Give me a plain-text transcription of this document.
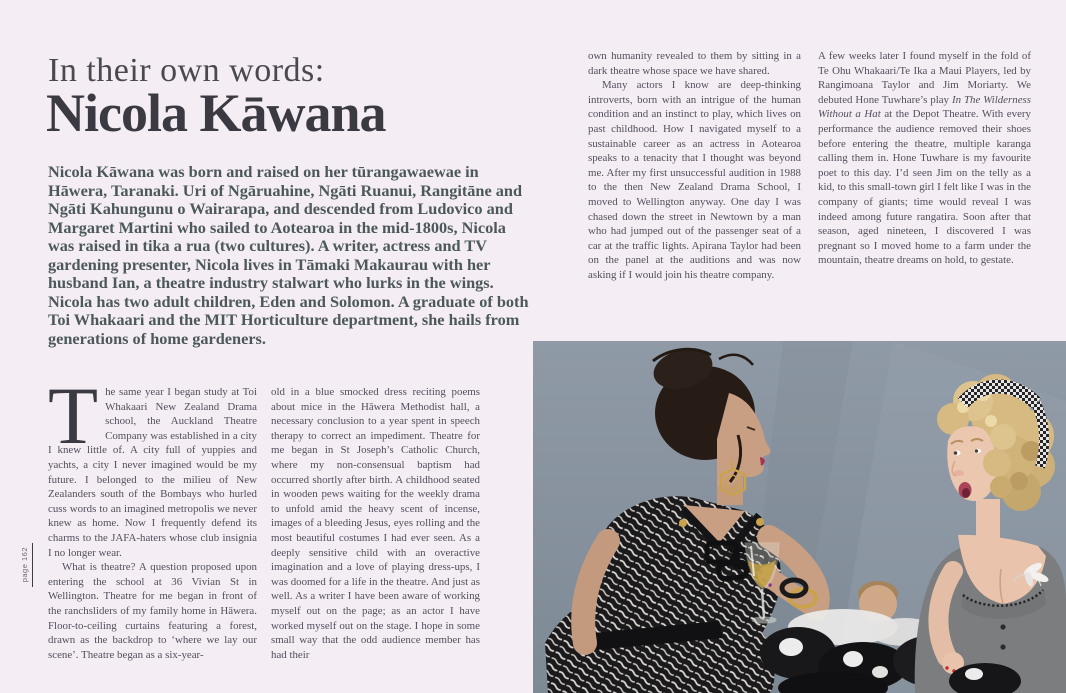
page 162
In their own words:
Nicola Kāwana

Nicola Kāwana was born and raised on her tūrangawaewae in Hāwera, Taranaki. Uri of Ngāruahine, Ngāti Ruanui, Rangitāne and Ngāti Kahungunu o Wairarapa, and descended from Ludovico and Margaret Martini who sailed to Aotearoa in the mid-1800s, Nicola was raised in tika a rua (two cultures). A writer, actress and TV gardening presenter, Nicola lives in Tāmaki Makaurau with her husband Ian, a theatre industry stalwart who lurks in the wings. Nicola has two adult children, Eden and Solomon. A graduate of both Toi Whakaari and the MIT Horticulture department, she hails from generations of home gardeners.

The same year I began study at Toi Whakaari New Zealand Drama school, the Auckland Theatre Company was established in a city I knew little of. A city full of yuppies and yachts, a city I never imagined would be my future. I belonged to the milieu of New Zealanders south of the Bombays who hurled cuss words to an imagined metropolis we never knew as home. Now I frequently defend its charms to the JAFA-haters whose club insignia I no longer wear.

What is theatre? A question proposed upon entering the school at 36 Vivian St in Wellington. Theatre for me began in front of the ranchsliders of my family home in Hāwera. Floor-to-ceiling curtains featuring a forest, drawn as the backdrop to ‘where we lay our scene’. Theatre began as a six-year-

old in a blue smocked dress reciting poems about mice in the Hāwera Methodist hall, a necessary conclusion to a year spent in speech therapy to correct an impediment. Theatre for me began in St Joseph’s Catholic Church, where my non-consensual baptism had occurred shortly after birth. A childhood seated in wooden pews waiting for the weekly drama to unfold amid the heavy scent of incense, images of a bleeding Jesus, eyes rolling and the most beautiful costumes I had ever seen. As a deeply sensitive child with an overactive imagination and a love of playing dress-ups, I was doomed for a life in the theatre. And just as well. As a writer I have been aware of working myself out on the page; as an actor I have worked myself out on the stage. I hope in some small way that the odd audience member has had their

own humanity revealed to them by sitting in a dark theatre whose space we have shared.

Many actors I know are deep-thinking introverts, born with an intrigue of the human condition and an instinct to play, which lives on past childhood. How I navigated myself to a sustainable career as an actress in Aotearoa speaks to a tenacity that I thought was beyond me. After my first unsuccessful audition in 1988 to the then New Zealand Drama School, I moved to Wellington anyway. One day I was chased down the street in Newtown by a man who had jumped out of the passenger seat of a car at the traffic lights. Apirana Taylor had been on the panel at the auditions and was now asking if I would join his theatre company.

A few weeks later I found myself in the fold of Te Ohu Whakaari/Te Ika a Maui Players, led by Rangimoana Taylor and Jim Moriarty. We debuted Hone Tuwhare’s play In The Wilderness Without a Hat at the Depot Theatre. With every performance the audience removed their shoes before entering the theatre, multiple karanga calling them in. Hone Tuwhare is my favourite poet to this day. I’d seen Jim on the telly as a kid, to this small-town girl I felt like I was in the company of giants; time would reveal I was indeed among future rangatira. Soon after that season, aged nineteen, I discovered I was pregnant so I moved home to a farm under the mountain, theatre dreams on hold, to gestate.
